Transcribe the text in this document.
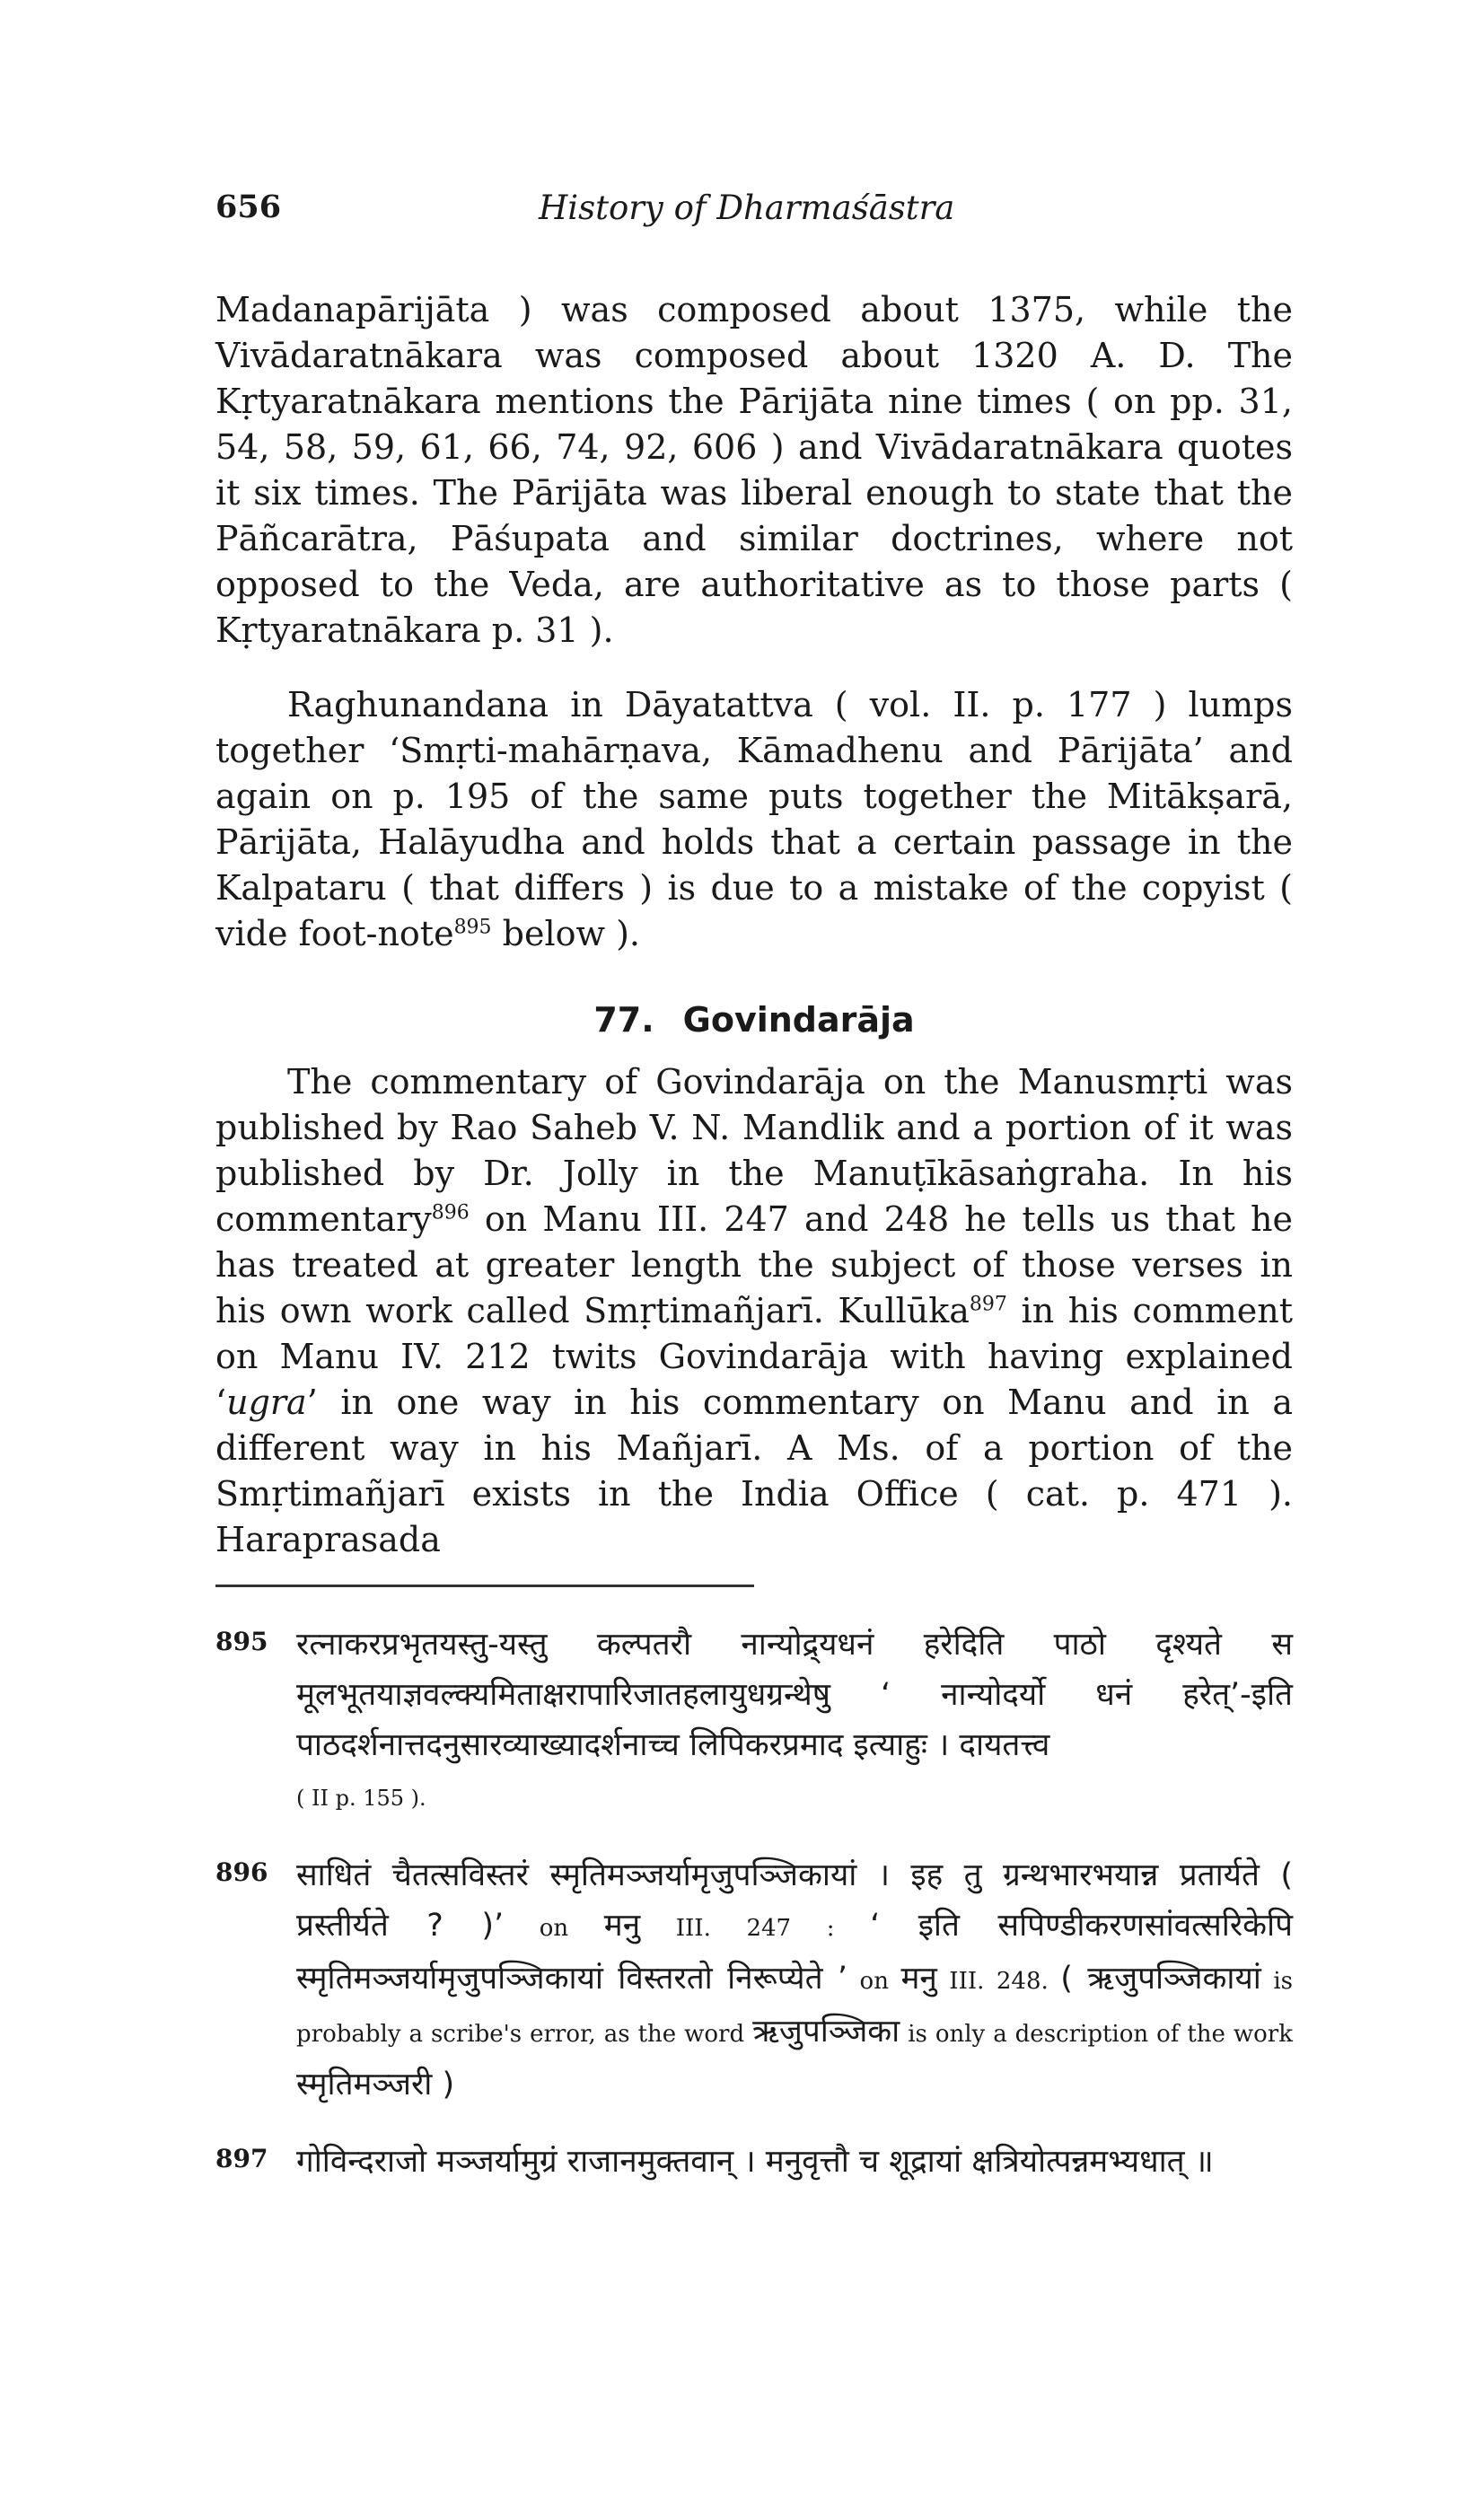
656	History of Dharmaśāstra

Madanapārijāta ) was composed about 1375, while the Vivādaratnākara was composed about 1320 A. D. The Kṛtyaratnākara mentions the Pārijāta nine times ( on pp. 31, 54, 58, 59, 61, 66, 74, 92, 606 ) and Vivādaratnākara quotes it six times. The Pārijāta was liberal enough to state that the Pāñcarātra, Pāśupata and similar doctrines, where not opposed to the Veda, are authoritative as to those parts ( Kṛtyaratnākara p. 31 ).

Raghunandana in Dāyatattva ( vol. II. p. 177 ) lumps together ‘Smṛti-mahārṇava, Kāmadhenu and Pārijāta’ and again on p. 195 of the same puts together the Mitākṣarā, Pārijāta, Halāyudha and holds that a certain passage in the Kalpataru ( that differs ) is due to a mistake of the copyist ( vide foot-note$^{895}$ below ).

77. Govindarāja

The commentary of Govindarāja on the Manusmṛti was published by Rao Saheb V. N. Mandlik and a portion of it was published by Dr. Jolly in the Manuṭīkāsaṅgraha. In his commentary$^{896}$ on Manu III. 247 and 248 he tells us that he has treated at greater length the subject of those verses in his own work called Smṛtimañjarī. Kullūka$^{897}$ in his comment on Manu IV. 212 twits Govindarāja with having explained ‘ugra’ in one way in his commentary on Manu and in a different way in his Mañjarī. A Ms. of a portion of the Smṛtimañjarī exists in the India Office ( cat. p. 471 ). Haraprasada

895 रत्नाकरप्रभृतयस्तु-यस्तु कल्पतरौ नान्योद्र्यधनं हरेदिति पाठो दृश्यते स मूलभूतयाज्ञवल्क्यमिताक्षरापारिजातहलायुधग्रन्थेषु ‘ नान्योदर्यो धनं हरेत्’-इति पाठदर्शनात्तदनुसारव्याख्यादर्शनाच्च लिपिकरप्रमाद इत्याहुः । दायतत्त्व
( II p. 155 ).
896 साधितं चैतत्सविस्तरं स्मृतिमञ्जर्यामृजुपञ्जिकायां । इह तु ग्रन्थभारभयान्न प्रतार्यते ( प्रस्तीर्यते ? )’ on मनु III. 247 : ‘ इति सपिण्डीकरणसांवत्सरिकेपि स्मृतिमञ्जर्यामृजुपञ्जिकायां विस्तरतो निरूप्येते ’ on मनु III. 248. ( ऋजुपञ्जिकायां is probably a scribe's error, as the word ऋजुपञ्जिका is only a description of the work स्मृतिमञ्जरी )
897 गोविन्दराजो मञ्जर्यामुग्रं राजानमुक्तवान् । मनुवृत्तौ च शूद्रायां क्षत्रियोत्पन्नमभ्यधात् ॥
